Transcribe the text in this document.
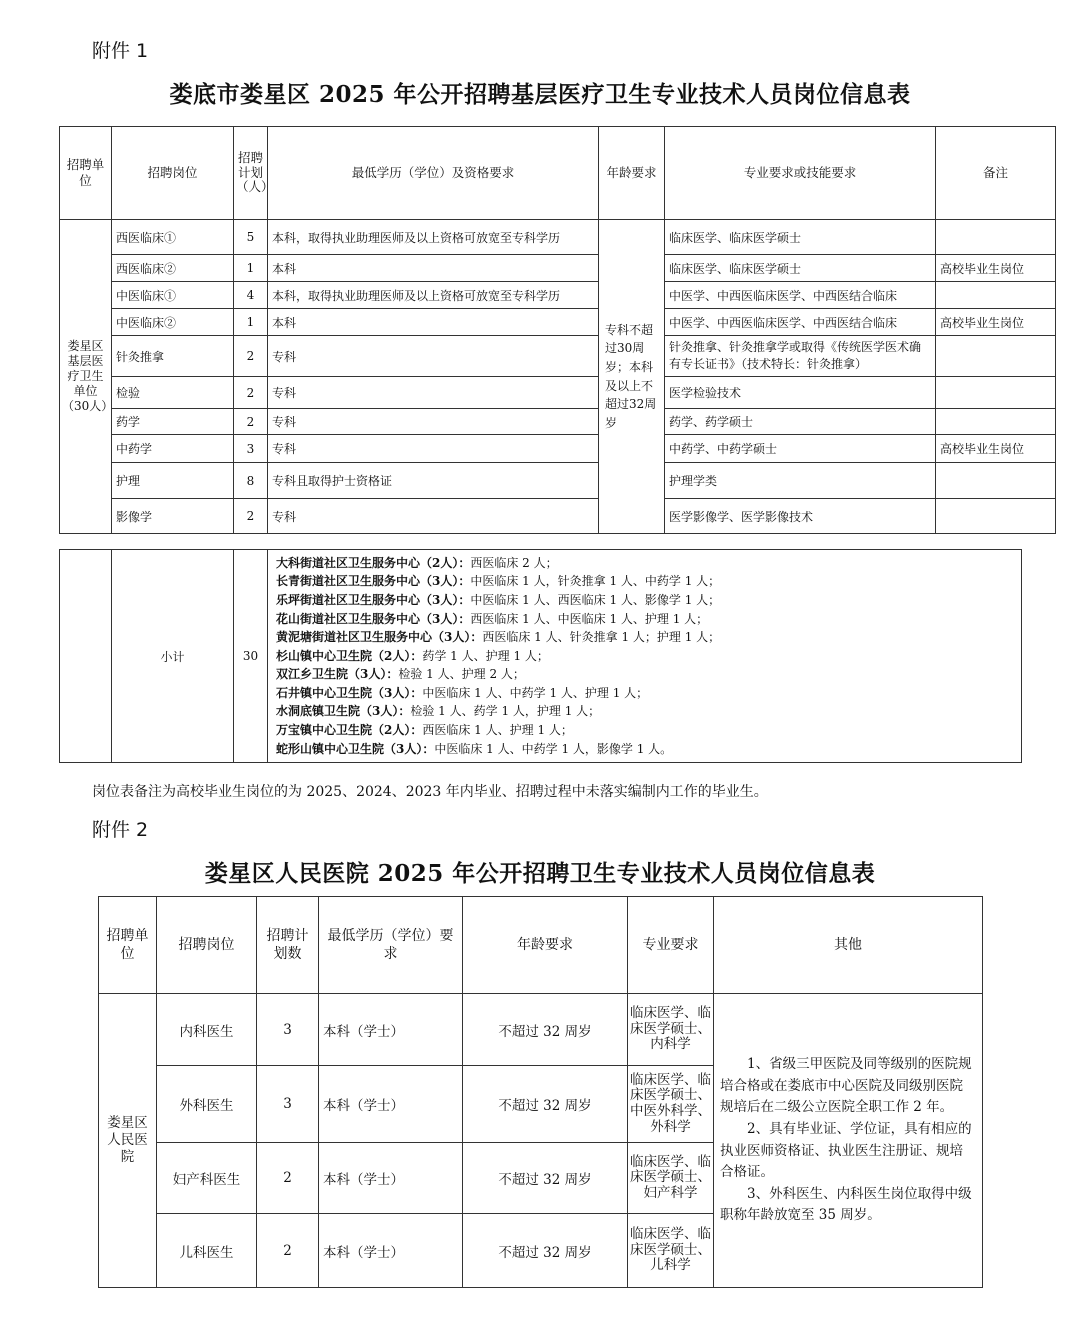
附件 1
娄底市娄星区 2025 年公开招聘基层医疗卫生专业技术人员岗位信息表
招聘单位	招聘岗位	招聘计划（人）	最低学历（学位）及资格要求	年龄要求	专业要求或技能要求	备注
娄星区基层医疗卫生单位（30人）	西医临床①	5	本科，取得执业助理医师及以上资格可放宽至专科学历	专科不超过30周岁；本科及以上不超过32周岁	临床医学、临床医学硕士	
	西医临床②	1	本科		临床医学、临床医学硕士	高校毕业生岗位
	中医临床①	4	本科，取得执业助理医师及以上资格可放宽至专科学历		中医学、中西医临床医学、中西医结合临床	
	中医临床②	1	本科		中医学、中西医临床医学、中西医结合临床	高校毕业生岗位
	针灸推拿	2	专科		针灸推拿、针灸推拿学或取得《传统医学医术确有专长证书》（技术特长：针灸推拿）	
	检验	2	专科		医学检验技术	
	药学	2	专科		药学、药学硕士	
	中药学	3	专科		中药学、中药学硕士	高校毕业生岗位
	护理	8	专科且取得护士资格证		护理学类	
	影像学	2	专科		医学影像学、医学影像技术	
	小计	30	
大科街道社区卫生服务中心（2人）：西医临床 2 人；
长青街道社区卫生服务中心（3人）：中医临床 1 人，针灸推拿 1 人、中药学 1 人；
乐坪街道社区卫生服务中心（3人）：中医临床 1 人、西医临床 1 人、影像学 1 人；
花山街道社区卫生服务中心（3人）：西医临床 1 人、中医临床 1 人、护理 1 人；
黄泥塘街道社区卫生服务中心（3人）：西医临床 1 人、针灸推拿 1 人；护理 1 人；
杉山镇中心卫生院（2人）：药学 1 人、护理 1 人；
双江乡卫生院（3人）：检验 1 人、护理 2 人；
石井镇中心卫生院（3人）：中医临床 1 人、中药学 1 人、护理 1 人；
水洞底镇卫生院（3人）：检验 1 人、药学 1 人，护理 1 人；
万宝镇中心卫生院（2人）：西医临床 1 人、护理 1 人；
蛇形山镇中心卫生院（3人）：中医临床 1 人、中药学 1 人，影像学 1 人。
岗位表备注为高校毕业生岗位的为 2025、2024、2023 年内毕业、招聘过程中未落实编制内工作的毕业生。
附件 2
娄星区人民医院 2025 年公开招聘卫生专业技术人员岗位信息表
招聘单位	招聘岗位	招聘计划数	最低学历（学位）要求	年龄要求	专业要求	其他
娄星区人民医院	内科医生	3	本科（学士）	不超过 32 周岁	临床医学、临床医学硕士、内科学	1、省级三甲医院及同等级别的医院规培合格或在娄底市中心医院及同级别医院规培后在二级公立医院全职工作 2 年。

2、具有毕业证、学位证，具有相应的执业医师资格证、执业医生注册证、规培合格证。

3、外科医生、内科医生岗位取得中级职称年龄放宽至 35 周岁。

	外科医生	3	本科（学士）	不超过 32 周岁	临床医学、临床医学硕士、中医外科学、外科学	
	妇产科医生	2	本科（学士）	不超过 32 周岁	临床医学、临床医学硕士、妇产科学	
	儿科医生	2	本科（学士）	不超过 32 周岁	临床医学、临床医学硕士、儿科学	
